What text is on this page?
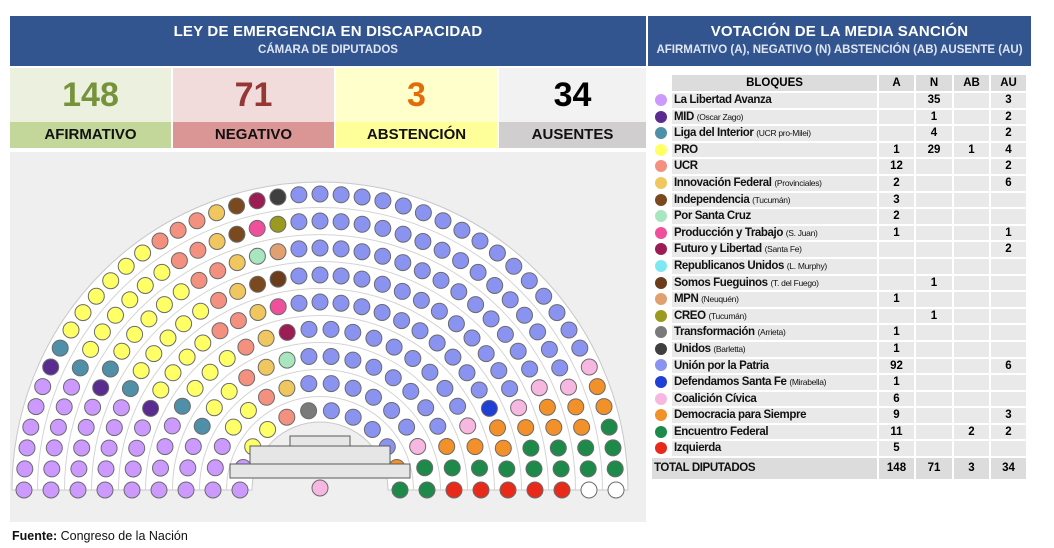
LEY DE EMERGENCIA EN DISCAPACIDAD
CÁMARA DE DIPUTADOS
VOTACIÓN DE LA MEDIA SANCIÓN
AFIRMATIVO (A), NEGATIVO (N) ABSTENCIÓN (AB) AUSENTE (AU)
148
AFIRMATIVO
71
NEGATIVO
3
ABSTENCIÓN
34
AUSENTES
	BLOQUES	A	N	AB	AU
	La Libertad Avanza		35		3
	MID (Oscar Zago)		1		2
	Liga del Interior (UCR pro-Milei)		4		2
	PRO	1	29	1	4
	UCR	12			2
	Innovación Federal (Provinciales)	2			6
	Independencia (Tucumán)	3			
	Por Santa Cruz	2			
	Producción y Trabajo (S. Juan)	1			1
	Futuro y Libertad (Santa Fe)				2
	Republicanos Unidos (L. Murphy)				
	Somos Fueguinos (T. del Fuego)		1		
	MPN (Neuquén)	1			
	CREO (Tucumán)		1		
	Transformación (Arrieta)	1			
	Unidos (Barletta)	1			
	Unión por la Patria	92			6
	Defendamos Santa Fe (Mirabella)	1			
	Coalición Cívica	6			
	Democracia para Siempre	9			3
	Encuentro Federal	11		2	2
	Izquierda	5			
TOTAL DIPUTADOS		148	71	3	34
Fuente: Congreso de la Nación
